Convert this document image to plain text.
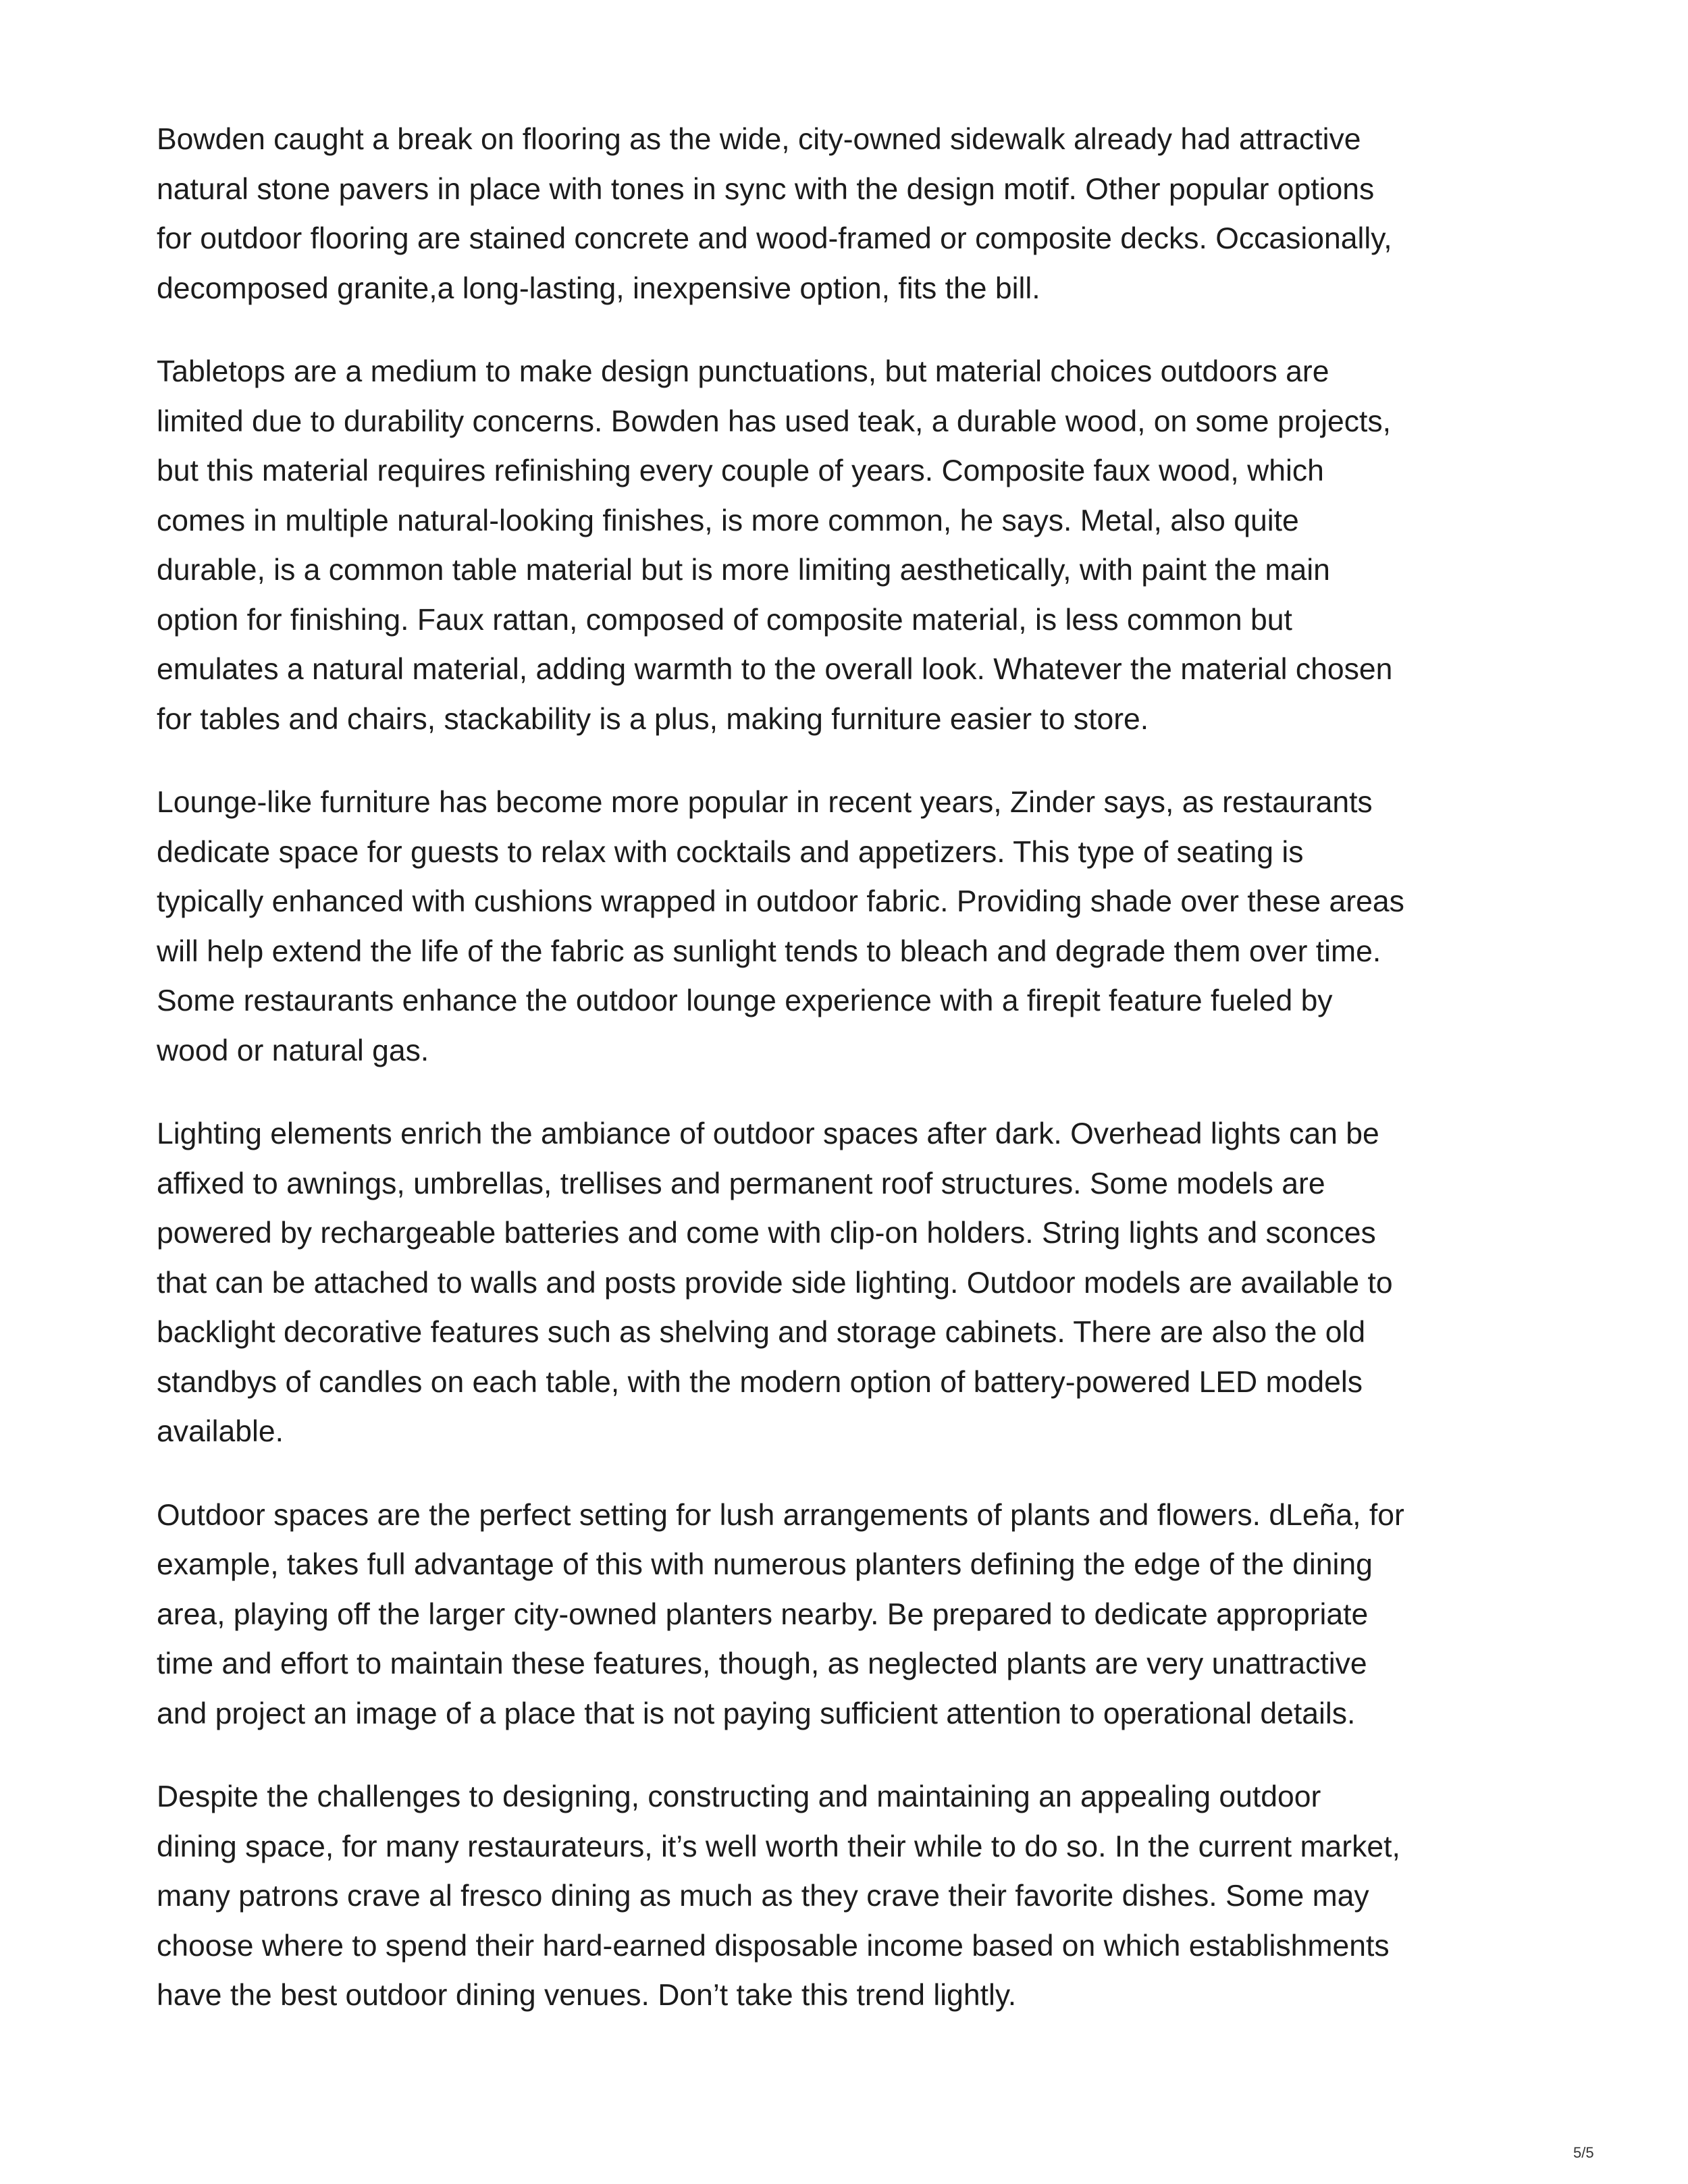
Bowden caught a break on flooring as the wide, city-owned sidewalk already had attractive
natural stone pavers in place with tones in sync with the design motif. Other popular options
for outdoor flooring are stained concrete and wood-framed or composite decks. Occasionally,
decomposed granite,a long-lasting, inexpensive option, fits the bill.

Tabletops are a medium to make design punctuations, but material choices outdoors are
limited due to durability concerns. Bowden has used teak, a durable wood, on some projects,
but this material requires refinishing every couple of years. Composite faux wood, which
comes in multiple natural-looking finishes, is more common, he says. Metal, also quite
durable, is a common table material but is more limiting aesthetically, with paint the main
option for finishing. Faux rattan, composed of composite material, is less common but
emulates a natural material, adding warmth to the overall look. Whatever the material chosen
for tables and chairs, stackability is a plus, making furniture easier to store.

Lounge-like furniture has become more popular in recent years, Zinder says, as restaurants
dedicate space for guests to relax with cocktails and appetizers. This type of seating is
typically enhanced with cushions wrapped in outdoor fabric. Providing shade over these areas
will help extend the life of the fabric as sunlight tends to bleach and degrade them over time.
Some restaurants enhance the outdoor lounge experience with a firepit feature fueled by
wood or natural gas.

Lighting elements enrich the ambiance of outdoor spaces after dark. Overhead lights can be
affixed to awnings, umbrellas, trellises and permanent roof structures. Some models are
powered by rechargeable batteries and come with clip-on holders. String lights and sconces
that can be attached to walls and posts provide side lighting. Outdoor models are available to
backlight decorative features such as shelving and storage cabinets. There are also the old
standbys of candles on each table, with the modern option of battery-powered LED models
available.

Outdoor spaces are the perfect setting for lush arrangements of plants and flowers. dLeña, for
example, takes full advantage of this with numerous planters defining the edge of the dining
area, playing off the larger city-owned planters nearby. Be prepared to dedicate appropriate
time and effort to maintain these features, though, as neglected plants are very unattractive
and project an image of a place that is not paying sufficient attention to operational details.

Despite the challenges to designing, constructing and maintaining an appealing outdoor
dining space, for many restaurateurs, it’s well worth their while to do so. In the current market,
many patrons crave al fresco dining as much as they crave their favorite dishes. Some may
choose where to spend their hard-earned disposable income based on which establishments
have the best outdoor dining venues. Don’t take this trend lightly.

5/5
